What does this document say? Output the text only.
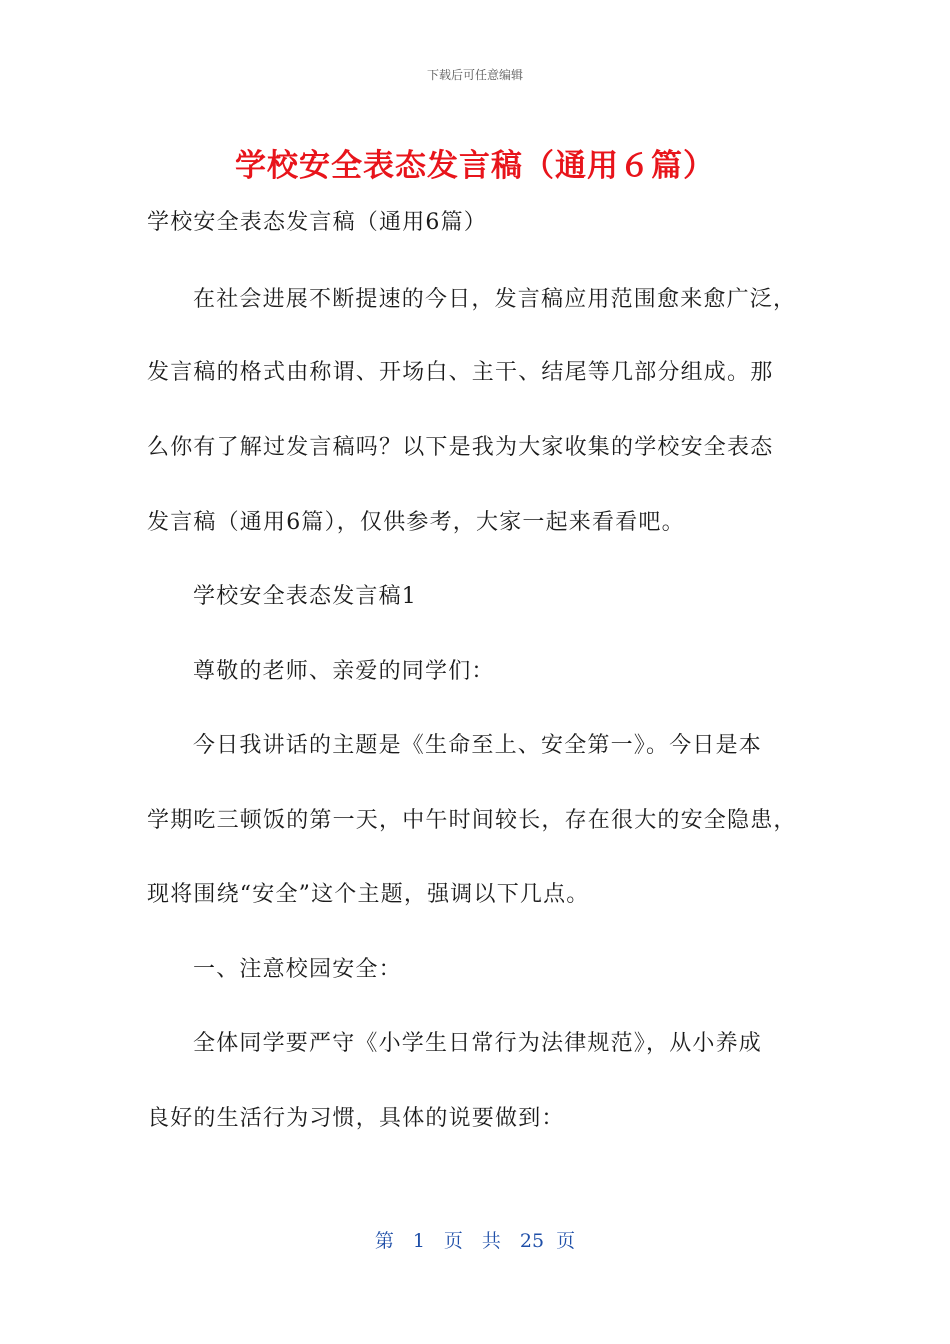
下载后可任意编辑
学校安全表态发言稿（通用６篇）
学校安全表态发言稿（通用6篇）
在社会进展不断提速的今日，发言稿应用范围愈来愈广泛，
发言稿的格式由称谓、开场白、主干、结尾等几部分组成。那
么你有了解过发言稿吗？以下是我为大家收集的学校安全表态
发言稿（通用6篇），仅供参考，大家一起来看看吧。
学校安全表态发言稿1
尊敬的老师、亲爱的同学们：
今日我讲话的主题是《生命至上、安全第一》。今日是本
学期吃三顿饭的第一天，中午时间较长，存在很大的安全隐患，
现将围绕“安全”这个主题，强调以下几点。
一、注意校园安全：
全体同学要严守《小学生日常行为法律规范》，从小养成
良好的生活行为习惯，具体的说要做到：
第　1　页　共　25 页
